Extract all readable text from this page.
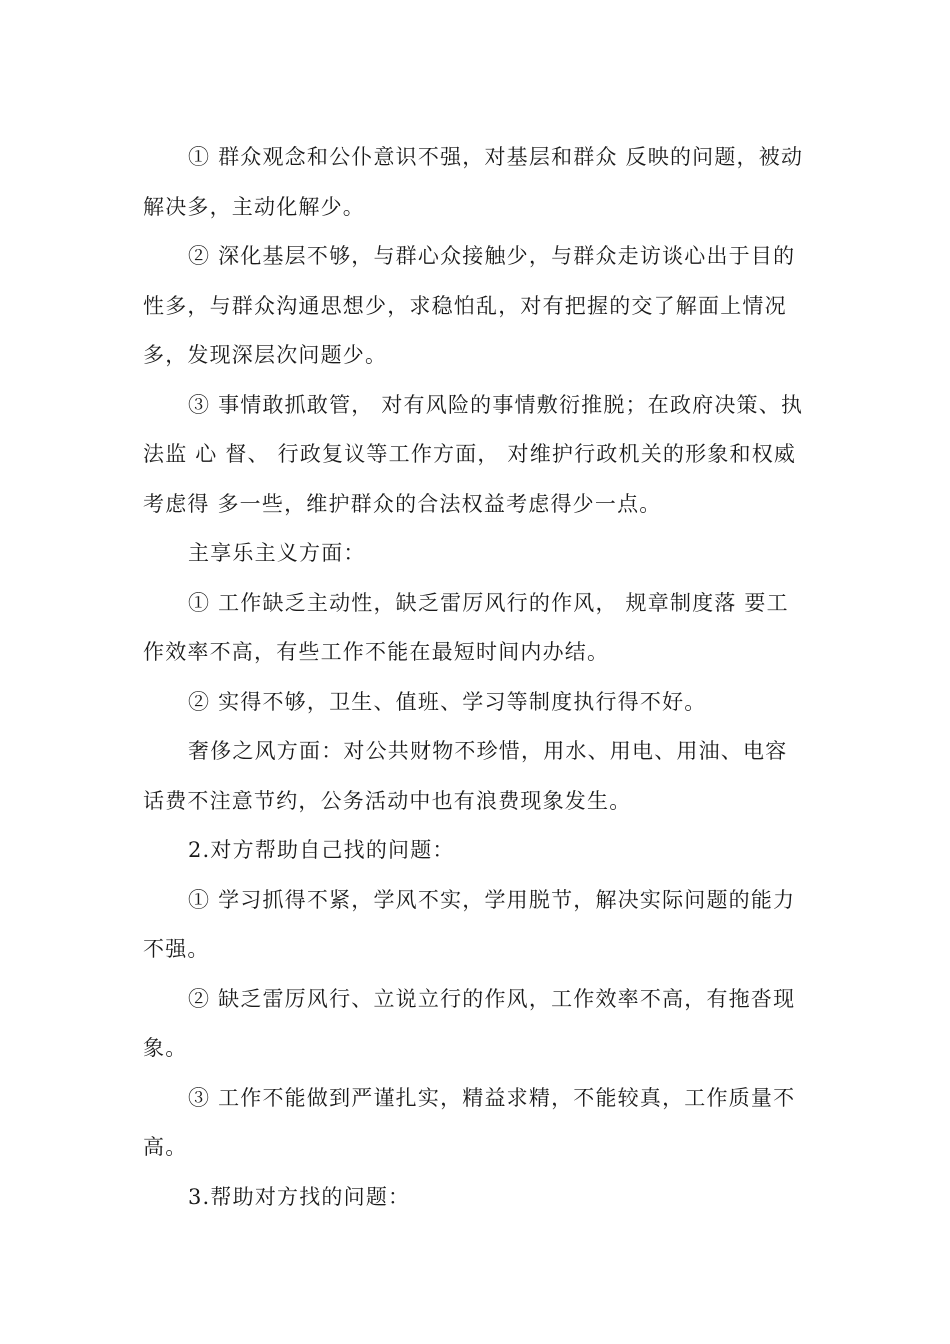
① 群众观念和公仆意识不强，对基层和群众 反映的问题，被动解决多，主动化解少。

② 深化基层不够，与群心众接触少，与群众走访谈心出于目的性多，与群众沟通思想少，求稳怕乱，对有把握的交了解面上情况多，发现深层次问题少。

③ 事情敢抓敢管， 对有风险的事情敷衍推脱；在政府决策、执法监 心 督、 行政复议等工作方面， 对维护行政机关的形象和权威考虑得 多一些，维护群众的合法权益考虑得少一点。

主享乐主义方面：

① 工作缺乏主动性，缺乏雷厉风行的作风， 规章制度落 要工作效率不高，有些工作不能在最短时间内办结。

② 实得不够，卫生、值班、学习等制度执行得不好。

奢侈之风方面：对公共财物不珍惜，用水、用电、用油、电容话费不注意节约，公务活动中也有浪费现象发生。

2.对方帮助自己找的问题：

① 学习抓得不紧，学风不实，学用脱节，解决实际问题的能力不强。

② 缺乏雷厉风行、立说立行的作风，工作效率不高，有拖沓现象。

③ 工作不能做到严谨扎实，精益求精，不能较真，工作质量不高。

3.帮助对方找的问题：
